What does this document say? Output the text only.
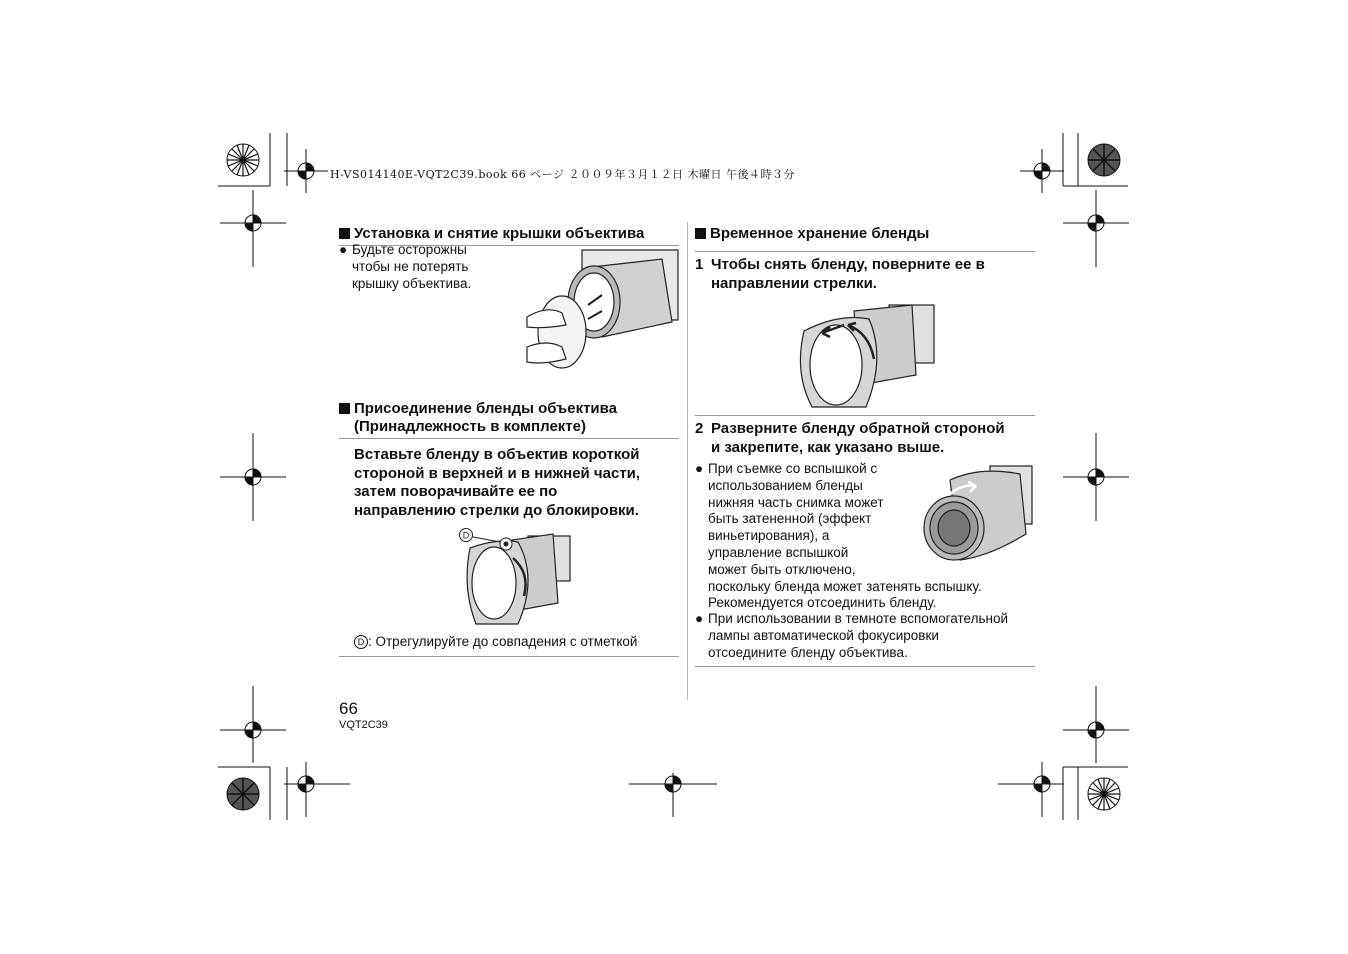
H-VS014140E-VQT2C39.book 66 ページ ２００９年３月１２日 木曜日 午後４時３分
Установка и снятие крышки объектива
● Будьте осторожны
чтобы не потерять
крышку объектива.
Присоединение бленды объектива
(Принадлежность в комплекте)
Вставьте бленду в объектив короткой
стороной в верхней и в нижней части,
затем поворачивайте ее по
направлению стрелки до блокировки.
D
D : Отрегулируйте до совпадения с отметкой
Временное хранение бленды
1 Чтобы снять бленду, поверните ее в
направлении стрелки.
2 Разверните бленду обратной стороной
и закрепите, как указано выше.
● При съемке со вспышкой с
использованием бленды
нижняя часть снимка может
быть затененной (эффект
виньетирования), а
управление вспышкой
может быть отключено,
поскольку бленда может затенять вспышку.
Рекомендуется отсоединить бленду.
● При использовании в темноте вспомогательной
лампы автоматической фокусировки
отсоедините бленду объектива.
66
VQT2C39
